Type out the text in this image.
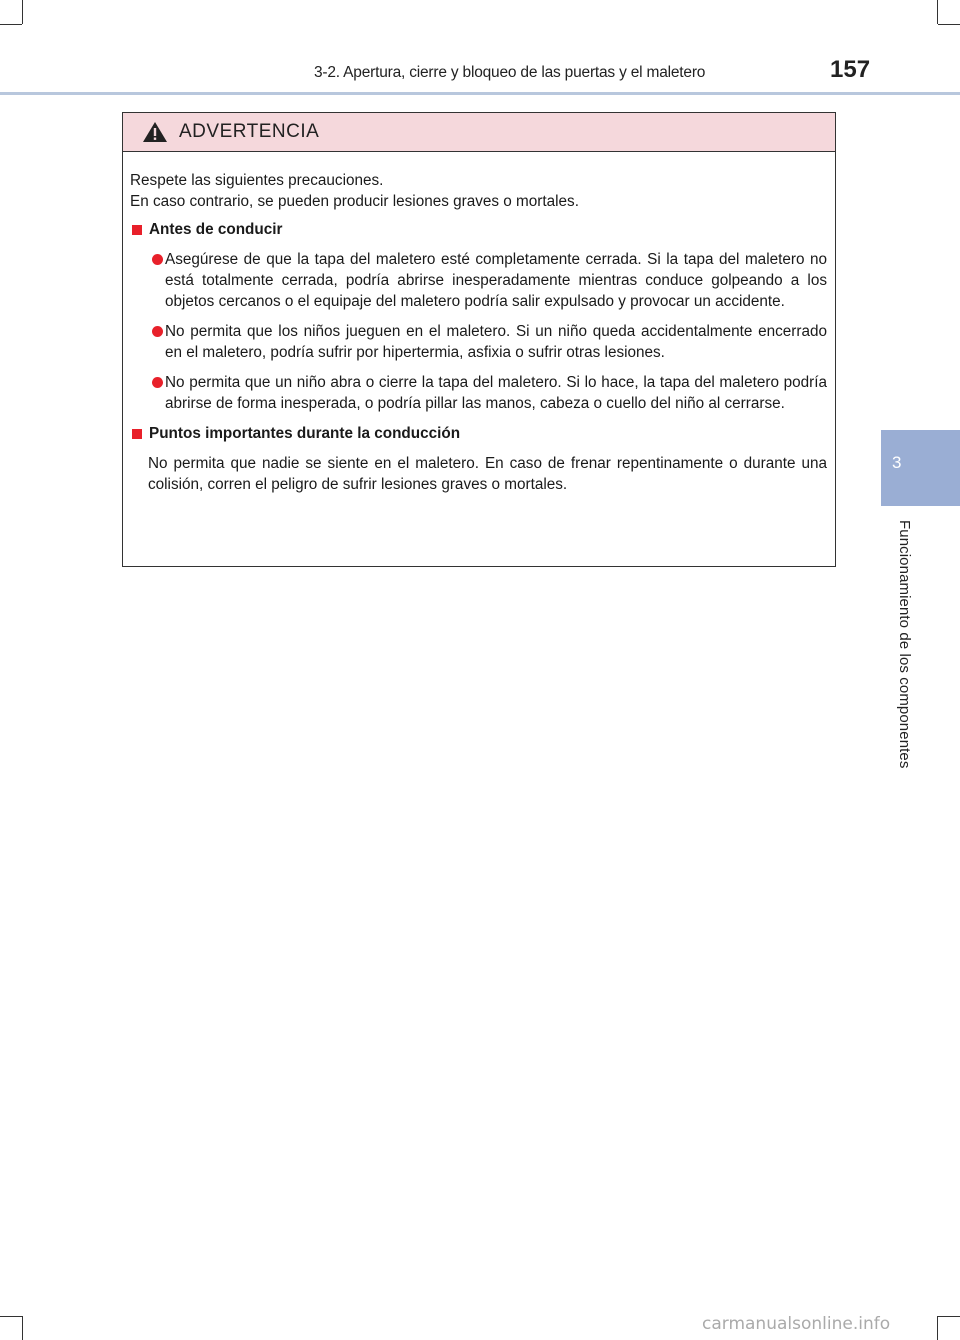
3-2. Apertura, cierre y bloqueo de las puertas y el maletero	157
3
Funcionamiento de los componentes
ADVERTENCIA

Respete las siguientes precauciones.
En caso contrario, se pueden producir lesiones graves o mortales.

Antes de conducir
Asegúrese de que la tapa del maletero esté completamente cerrada. Si la tapa del maletero no está totalmente cerrada, podría abrirse inesperadamente mientras conduce golpeando a los objetos cercanos o el equipaje del maletero podría salir expulsado y provocar un accidente.
No permita que los niños jueguen en el maletero. Si un niño queda accidentalmente encerrado en el maletero, podría sufrir por hipertermia, asfixia o sufrir otras lesiones.
No permita que un niño abra o cierre la tapa del maletero. Si lo hace, la tapa del maletero podría abrirse de forma inesperada, o podría pillar las manos, cabeza o cuello del niño al cerrarse.
Puntos importantes durante la conducción

No permita que nadie se siente en el maletero. En caso de frenar repentinamente o durante una colisión, corren el peligro de sufrir lesiones graves o mortales.

carmanualsonline.info
